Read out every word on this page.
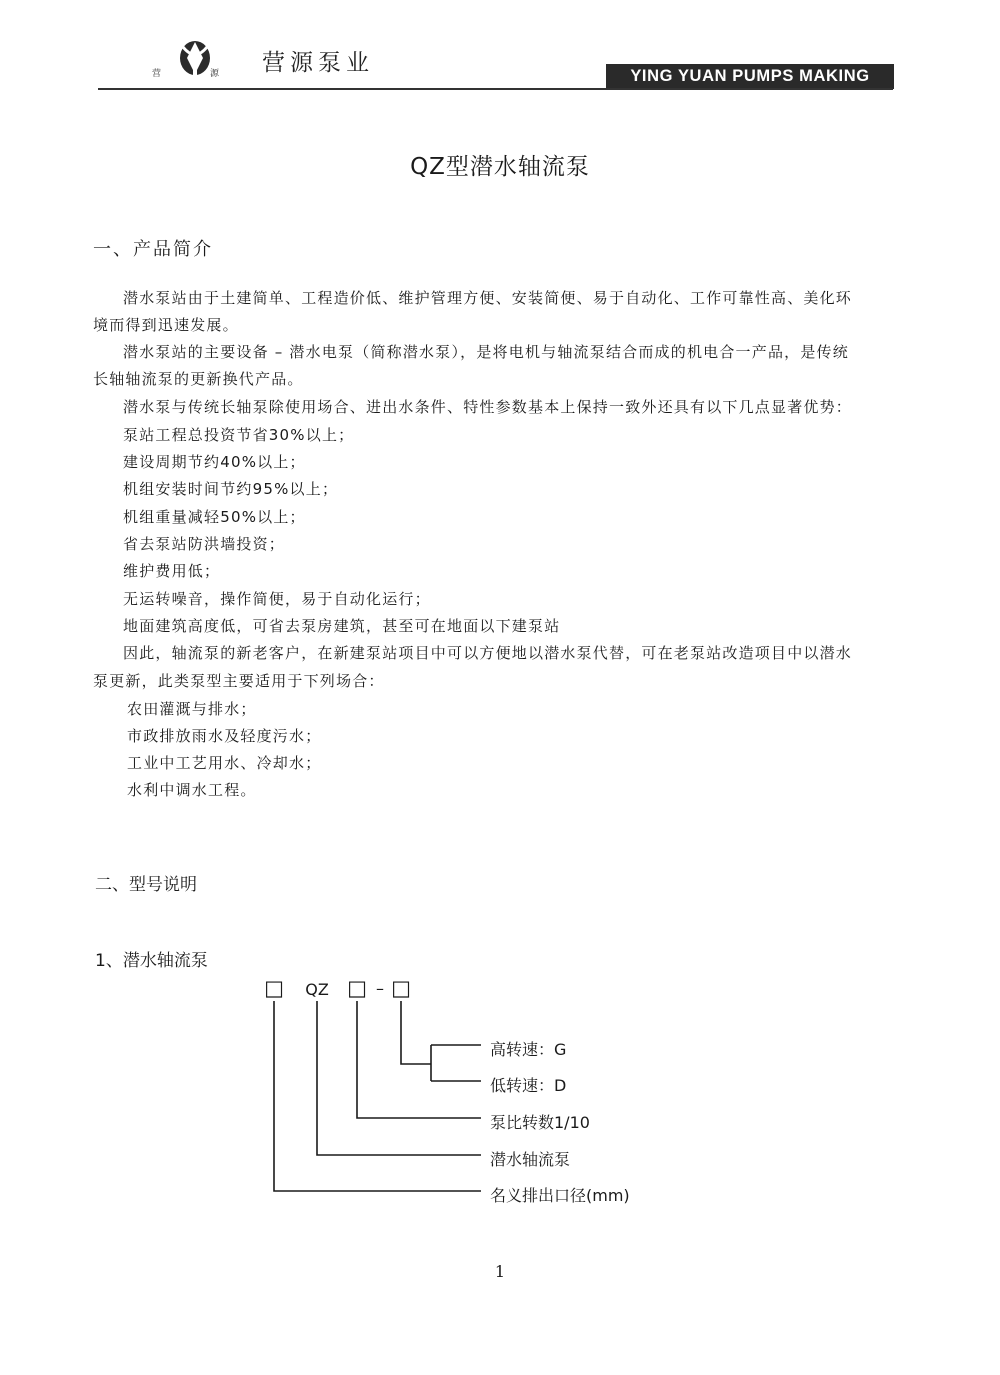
营	源 营源泵业	YING YUAN PUMPS MAKING
QZ型潜水轴流泵
一、产品简介
潜水泵站由于土建简单、工程造价低、维护管理方便、安装简便、易于自动化、工作可靠性高、美化环
境而得到迅速发展。
潜水泵站的主要设备 – 潜水电泵（简称潜水泵），是将电机与轴流泵结合而成的机电合一产品，是传统
长轴轴流泵的更新换代产品。
潜水泵与传统长轴泵除使用场合、进出水条件、特性参数基本上保持一致外还具有以下几点显著优势：
泵站工程总投资节省30%以上；
建设周期节约40%以上；
机组安装时间节约95%以上；
机组重量减轻50%以上；
省去泵站防洪墙投资；
维护费用低；
无运转噪音，操作简便，易于自动化运行；
地面建筑高度低，可省去泵房建筑，甚至可在地面以下建泵站
因此，轴流泵的新老客户，在新建泵站项目中可以方便地以潜水泵代替，可在老泵站改造项目中以潜水
泵更新，此类泵型主要适用于下列场合：
农田灌溉与排水；
市政排放雨水及轻度污水；
工业中工艺用水、冷却水；
水利中调水工程。
二、型号说明
1、潜水轴流泵
□ QZ □ – □
高转速：G
低转速：D
泵比转数1/10
潜水轴流泵
名义排出口径(mm)
1
